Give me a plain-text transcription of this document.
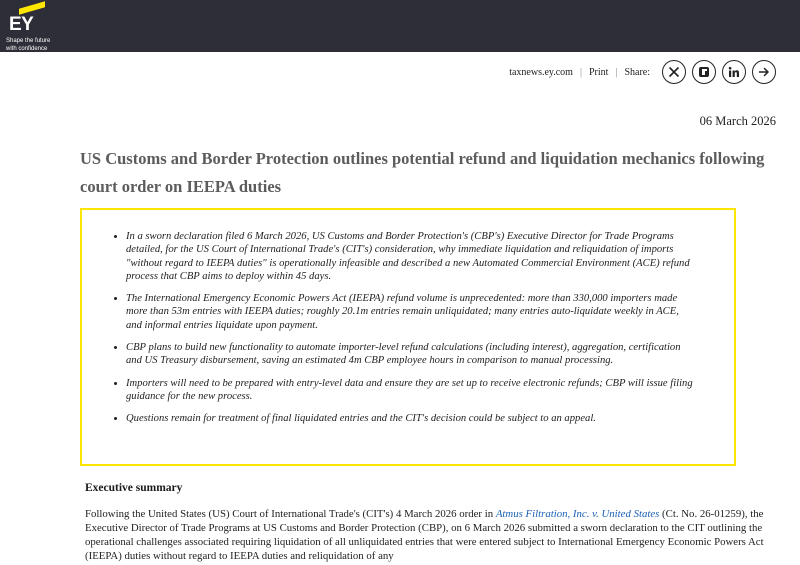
EY
Shape the future
with confidence
taxnews.ey.com | Print | Share:
06 March 2026
US Customs and Border Protection outlines potential refund and liquidation mechanics following court order on IEEPA duties
• In a sworn declaration filed 6 March 2026, US Customs and Border Protection's (CBP's) Executive Director for Trade Programs detailed, for the US Court of International Trade's (CIT's) consideration, why immediate liquidation and reliquidation of imports "without regard to IEEPA duties" is operationally infeasible and described a new Automated Commercial Environment (ACE) refund process that CBP aims to deploy within 45 days.
• The International Emergency Economic Powers Act (IEEPA) refund volume is unprecedented: more than 330,000 importers made more than 53m entries with IEEPA duties; roughly 20.1m entries remain unliquidated; many entries auto-liquidate weekly in ACE, and informal entries liquidate upon payment.
• CBP plans to build new functionality to automate importer-level refund calculations (including interest), aggregation, certification and US Treasury disbursement, saving an estimated 4m CBP employee hours in comparison to manual processing.
• Importers will need to be prepared with entry-level data and ensure they are set up to receive electronic refunds; CBP will issue filing guidance for the new process.
• Questions remain for treatment of final liquidated entries and the CIT's decision could be subject to an appeal.
Executive summary

Following the United States (US) Court of International Trade's (CIT's) 4 March 2026 order in Atmus Filtration, Inc. v. United States (Ct. No. 26-01259), the Executive Director of Trade Programs at US Customs and Border Protection (CBP), on 6 March 2026 submitted a sworn declaration to the CIT outlining the operational challenges associated requiring liquidation of all unliquidated entries that were entered subject to International Emergency Economic Powers Act (IEEPA) duties without regard to IEEPA duties and reliquidation of any
